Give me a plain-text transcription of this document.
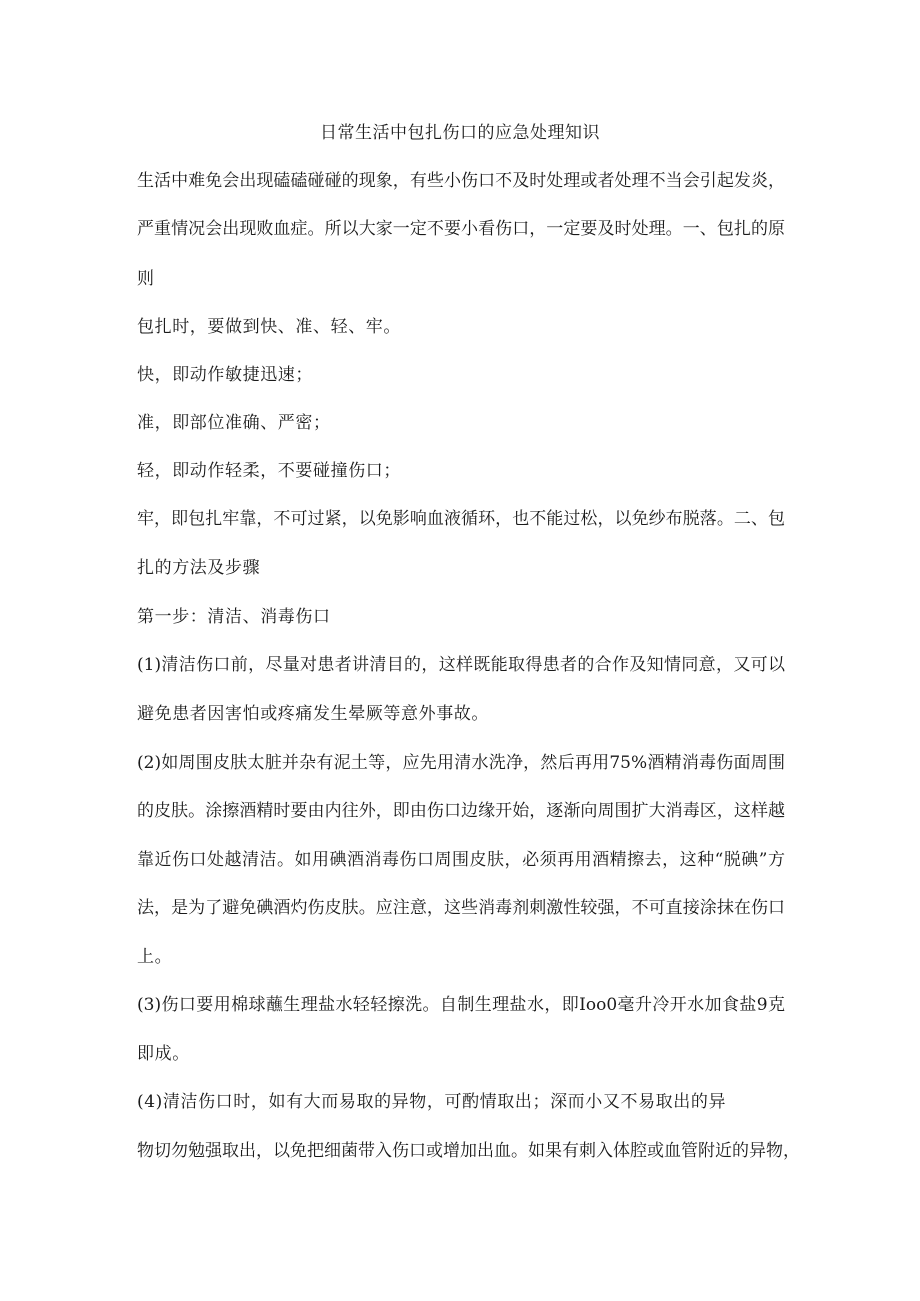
日常生活中包扎伤口的应急处理知识
生活中难免会出现磕磕碰碰的现象，有些小伤口不及时处理或者处理不当会引起发炎，
严重情况会出现败血症。所以大家一定不要小看伤口，一定要及时处理。一、包扎的原
则
包扎时，要做到快、准、轻、牢。
快，即动作敏捷迅速；
准，即部位准确、严密；
轻，即动作轻柔，不要碰撞伤口；
牢，即包扎牢靠，不可过紧，以免影响血液循环，也不能过松，以免纱布脱落。二、包
扎的方法及步骤
第一步：清洁、消毒伤口
(1)清洁伤口前，尽量对患者讲清目的，这样既能取得患者的合作及知情同意，又可以
避免患者因害怕或疼痛发生晕厥等意外事故。
(2)如周围皮肤太脏并杂有泥土等，应先用清水洗净，然后再用75%酒精消毒伤面周围
的皮肤。涂擦酒精时要由内往外，即由伤口边缘开始，逐渐向周围扩大消毒区，这样越
靠近伤口处越清洁。如用碘酒消毒伤口周围皮肤，必须再用酒精擦去，这种“脱碘”方
法，是为了避免碘酒灼伤皮肤。应注意，这些消毒剂刺激性较强，不可直接涂抹在伤口
上。
(3)伤口要用棉球蘸生理盐水轻轻擦洗。自制生理盐水，即Ioo0毫升冷开水加食盐9克
即成。
(4)清洁伤口时，如有大而易取的异物，可酌情取出；深而小又不易取出的异
物切勿勉强取出，以免把细菌带入伤口或增加出血。如果有刺入体腔或血管附近的异物，
